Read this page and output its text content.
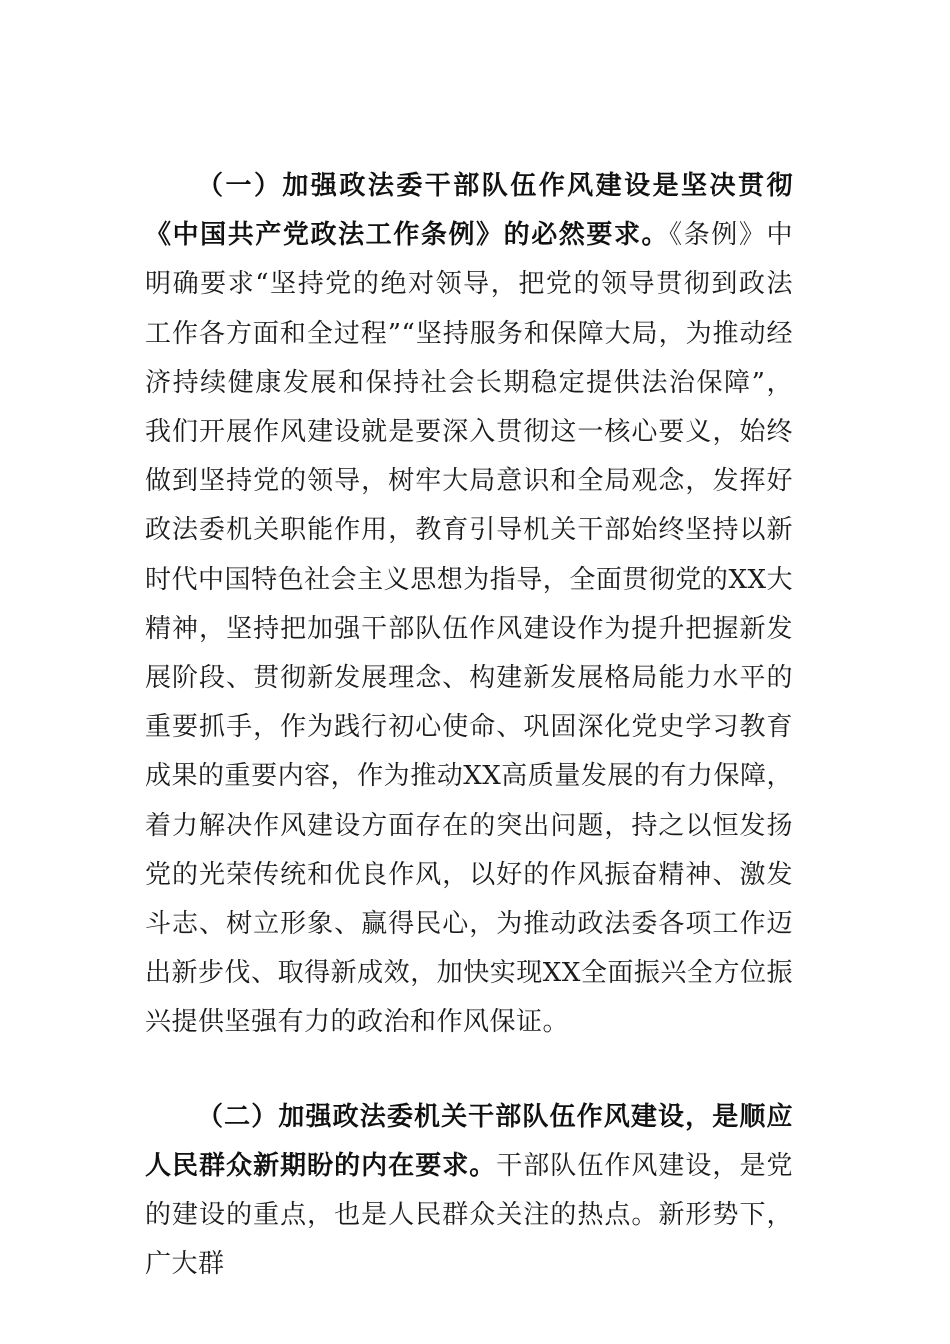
（一）加强政法委干部队伍作风建设是坚决贯彻《中国共产党政法工作条例》的必然要求。《条例》中明确要求“坚持党的绝对领导，把党的领导贯彻到政法工作各方面和全过程”“坚持服务和保障大局，为推动经济持续健康发展和保持社会长期稳定提供法治保障”，我们开展作风建设就是要深入贯彻这一核心要义，始终做到坚持党的领导，树牢大局意识和全局观念，发挥好政法委机关职能作用，教育引导机关干部始终坚持以新时代中国特色社会主义思想为指导，全面贯彻党的XX大精神，坚持把加强干部队伍作风建设作为提升把握新发展阶段、贯彻新发展理念、构建新发展格局能力水平的重要抓手，作为践行初心使命、巩固深化党史学习教育成果的重要内容，作为推动XX高质量发展的有力保障，着力解决作风建设方面存在的突出问题，持之以恒发扬党的光荣传统和优良作风，以好的作风振奋精神、激发斗志、树立形象、赢得民心，为推动政法委各项工作迈出新步伐、取得新成效，加快实现XX全面振兴全方位振兴提供坚强有力的政治和作风保证。

（二）加强政法委机关干部队伍作风建设，是顺应人民群众新期盼的内在要求。干部队伍作风建设，是党的建设的重点，也是人民群众关注的热点。新形势下，广大群
